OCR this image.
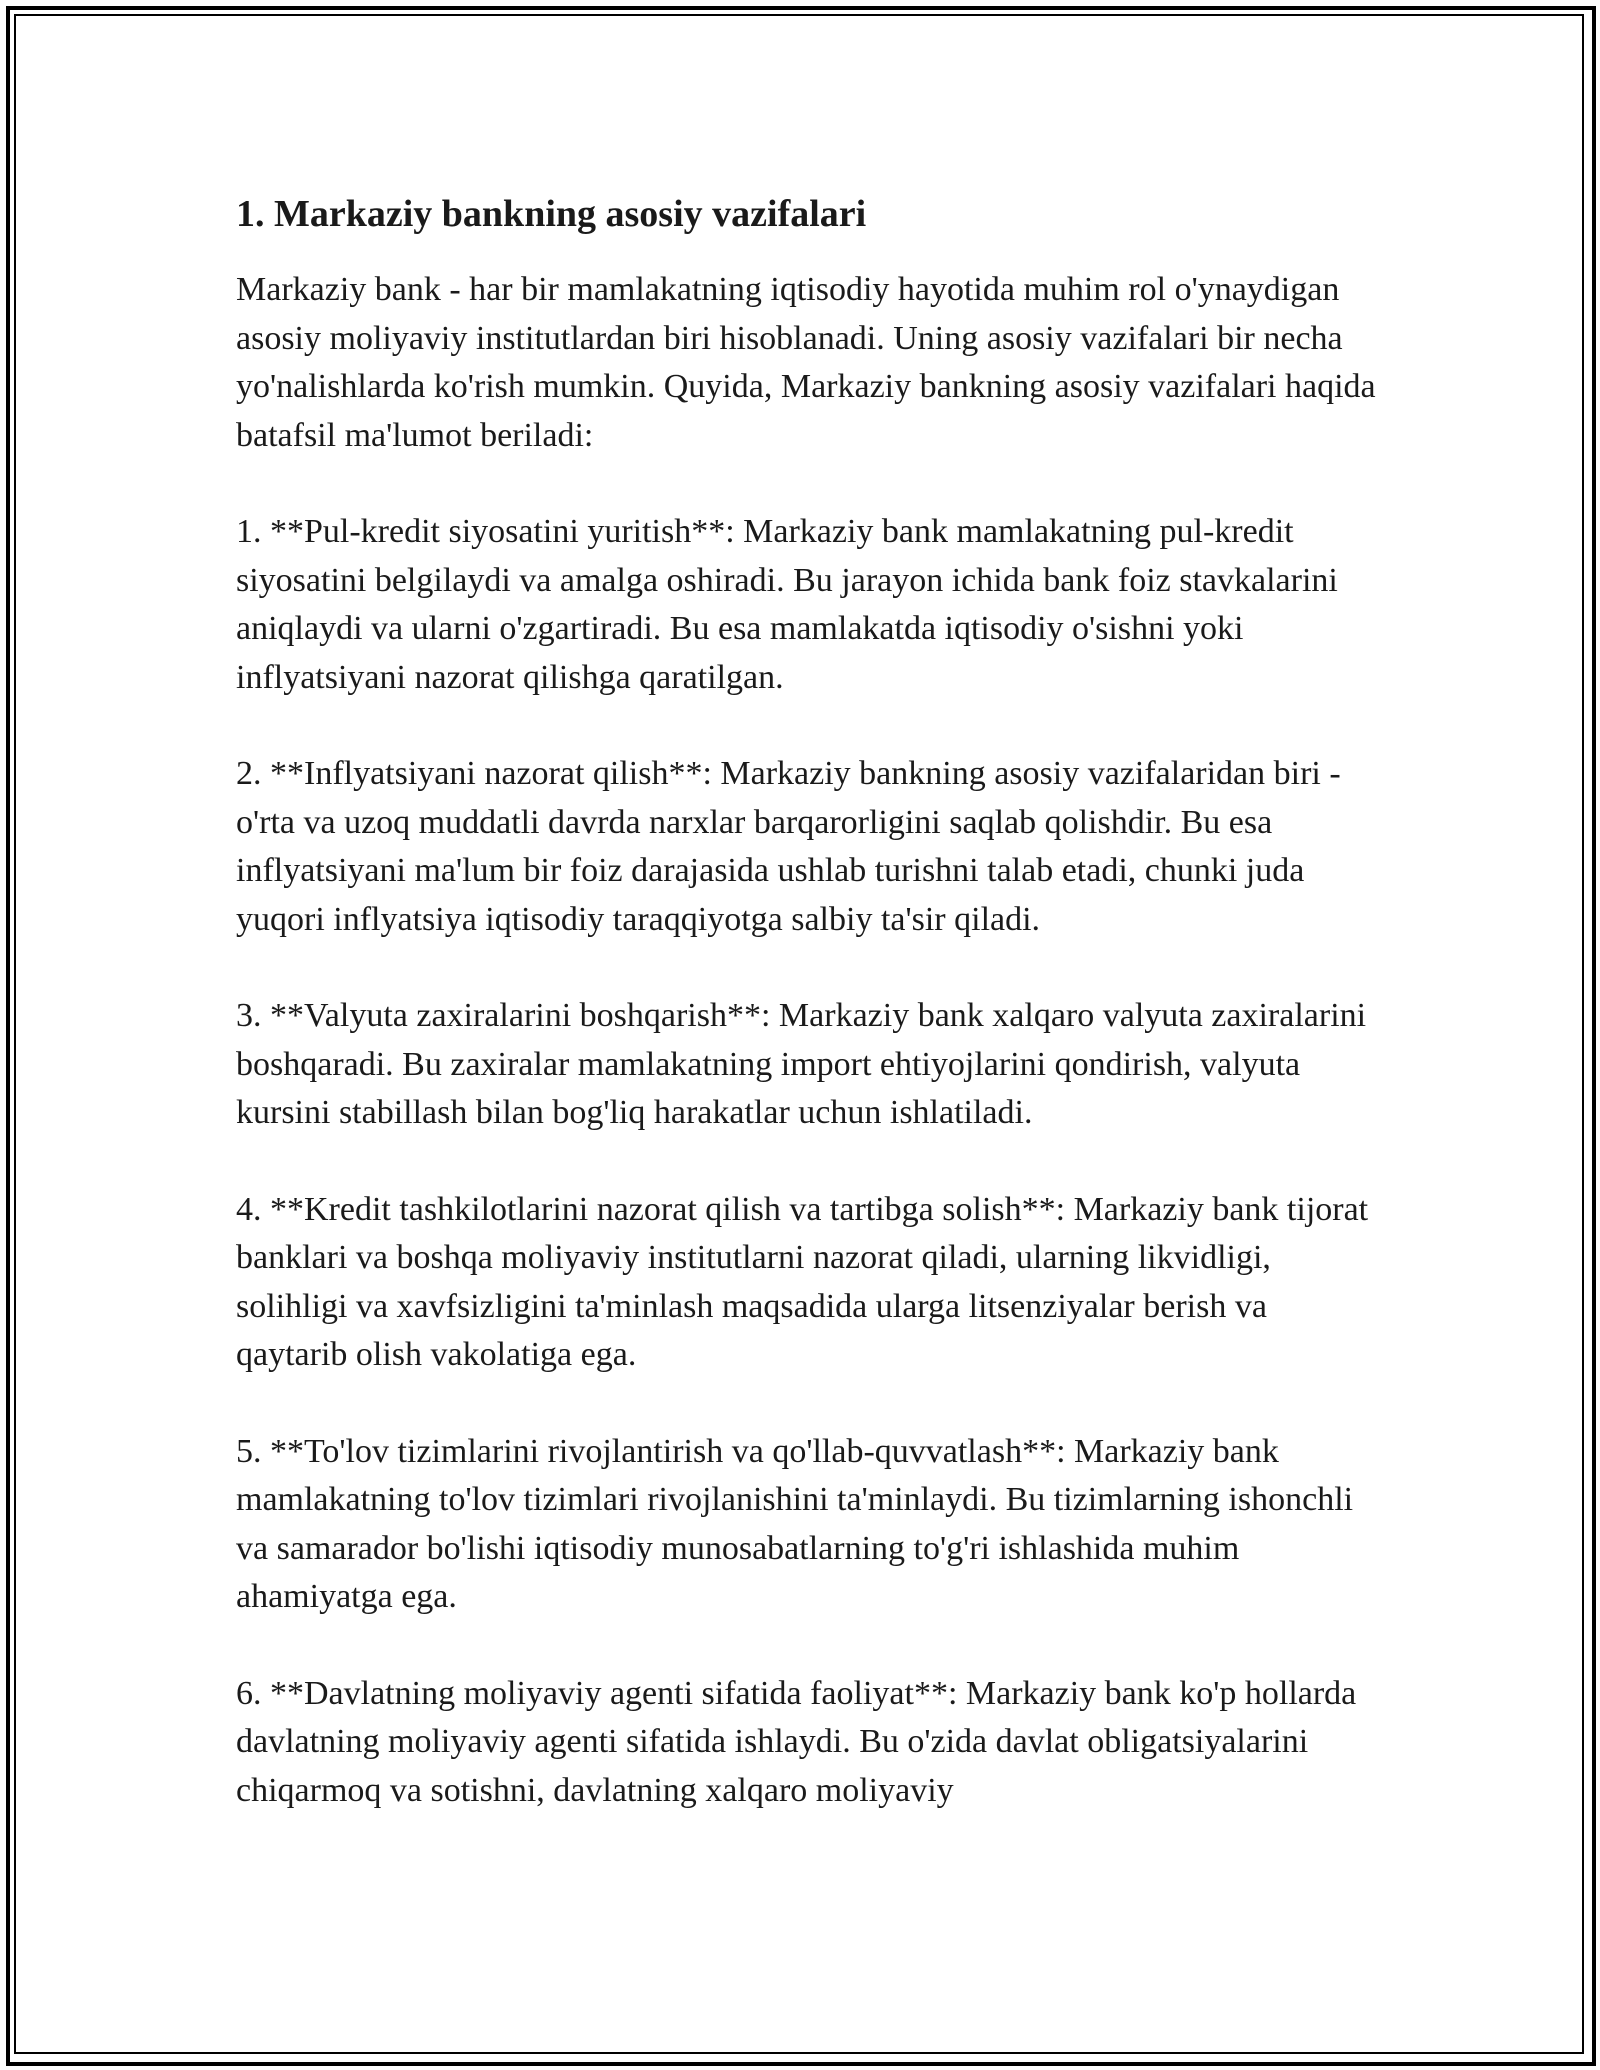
1. Markaziy bankning asosiy vazifalari

Markaziy bank - har bir mamlakatning iqtisodiy hayotida muhim rol o'ynaydigan asosiy moliyaviy institutlardan biri hisoblanadi. Uning asosiy vazifalari bir necha yo'nalishlarda ko'rish mumkin. Quyida, Markaziy bankning asosiy vazifalari haqida batafsil ma'lumot beriladi:

1. **Pul-kredit siyosatini yuritish**: Markaziy bank mamlakatning pul-kredit siyosatini belgilaydi va amalga oshiradi. Bu jarayon ichida bank foiz stavkalarini aniqlaydi va ularni o'zgartiradi. Bu esa mamlakatda iqtisodiy o'sishni yoki inflyatsiyani nazorat qilishga qaratilgan.

2. **Inflyatsiyani nazorat qilish**: Markaziy bankning asosiy vazifalaridan biri - o'rta va uzoq muddatli davrda narxlar barqarorligini saqlab qolishdir. Bu esa inflyatsiyani ma'lum bir foiz darajasida ushlab turishni talab etadi, chunki juda yuqori inflyatsiya iqtisodiy taraqqiyotga salbiy ta'sir qiladi.

3. **Valyuta zaxiralarini boshqarish**: Markaziy bank xalqaro valyuta zaxiralarini boshqaradi. Bu zaxiralar mamlakatning import ehtiyojlarini qondirish, valyuta kursini stabillash bilan bog'liq harakatlar uchun ishlatiladi.

4. **Kredit tashkilotlarini nazorat qilish va tartibga solish**: Markaziy bank tijorat banklari va boshqa moliyaviy institutlarni nazorat qiladi, ularning likvidligi, solihligi va xavfsizligini ta'minlash maqsadida ularga litsenziyalar berish va qaytarib olish vakolatiga ega.

5. **To'lov tizimlarini rivojlantirish va qo'llab-quvvatlash**: Markaziy bank mamlakatning to'lov tizimlari rivojlanishini ta'minlaydi. Bu tizimlarning ishonchli va samarador bo'lishi iqtisodiy munosabatlarning to'g'ri ishlashida muhim ahamiyatga ega.

6. **Davlatning moliyaviy agenti sifatida faoliyat**: Markaziy bank ko'p hollarda davlatning moliyaviy agenti sifatida ishlaydi. Bu o'zida davlat obligatsiyalarini chiqarmoq va sotishni, davlatning xalqaro moliyaviy
